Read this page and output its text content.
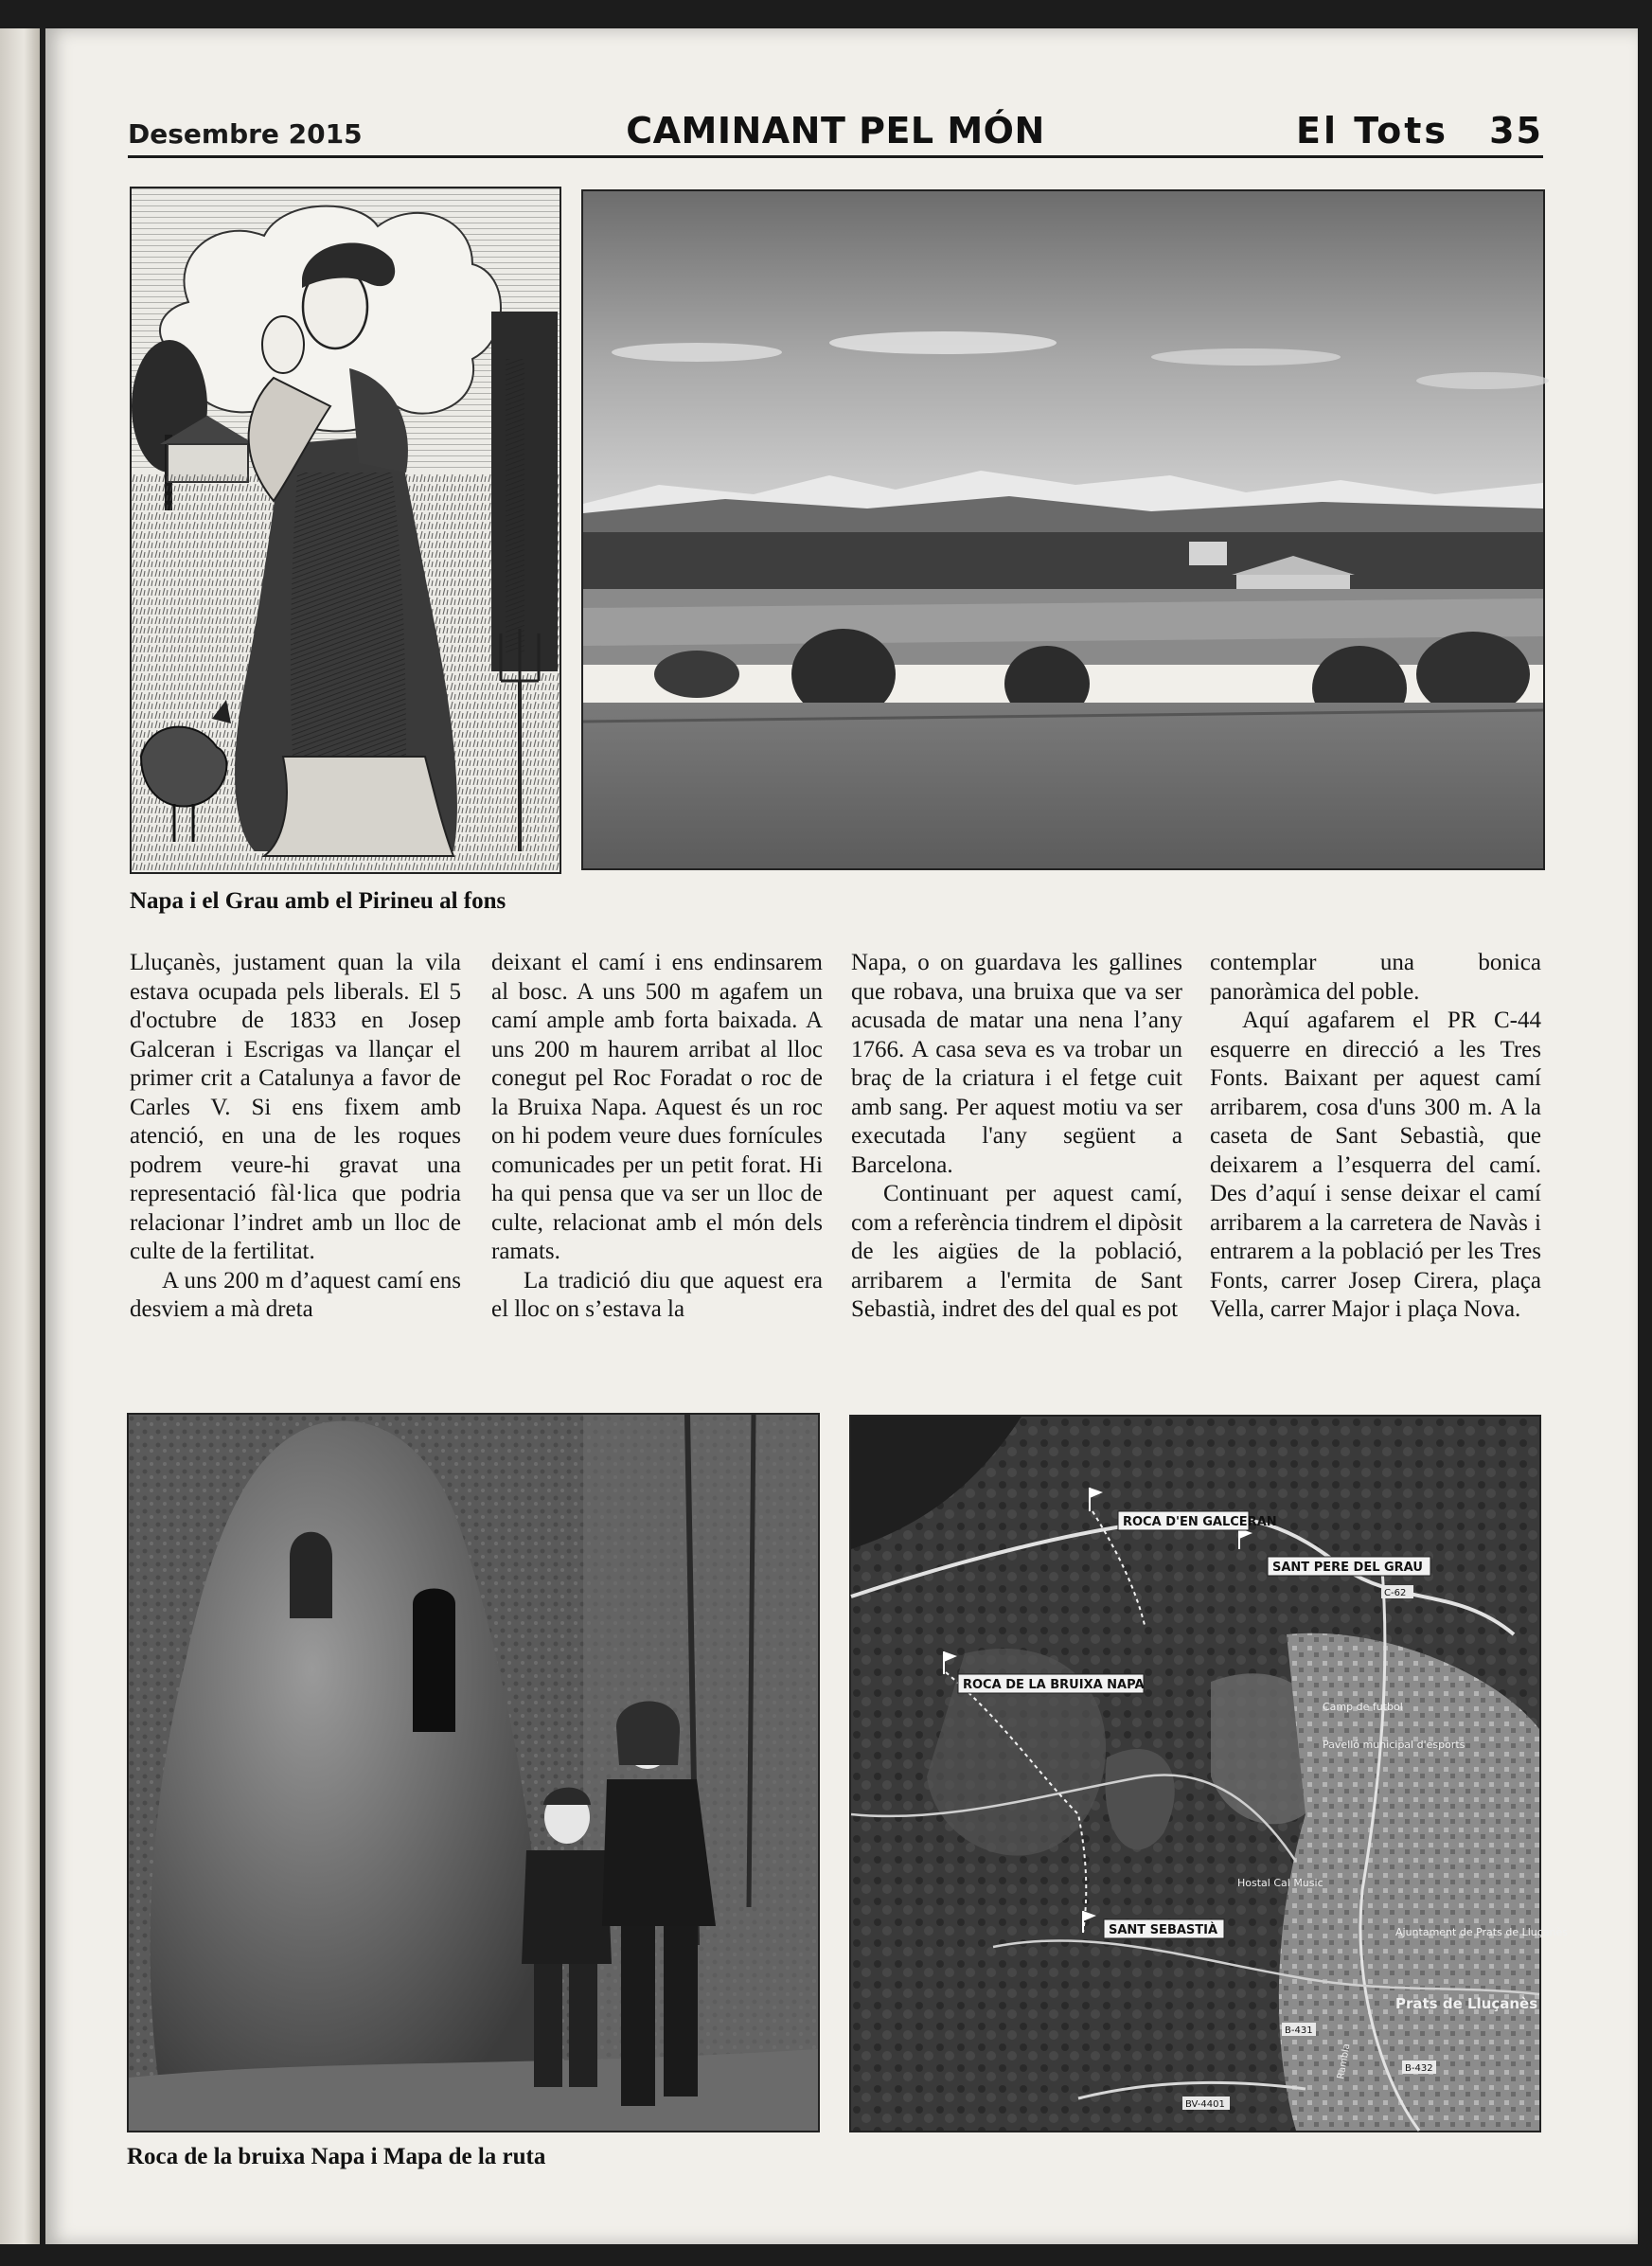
Desembre 2015	CAMINANT PEL MÓN	El Tots 35
Napa i el Grau amb el Pirineu al fons

Lluçanès, justament quan la vila estava ocupada pels liberals. El 5 d'octubre de 1833 en Josep Galceran i Escrigas va llançar el primer crit a Catalunya a favor de Carles V. Si ens fixem amb atenció, en una de les roques podrem veure-hi gravat una representació fàl·lica que podria relacionar l’indret amb un lloc de culte de la fertilitat.

A uns 200 m d’aquest camí ens desviem a mà dreta

deixant el camí i ens endinsarem al bosc. A uns 500 m agafem un camí ample amb forta baixada. A uns 200 m haurem arribat al lloc conegut pel Roc Foradat o roc de la Bruixa Napa. Aquest és un roc on hi podem veure dues fornícules comunicades per un petit forat. Hi ha qui pensa que va ser un lloc de culte, relacionat amb el món dels ramats.

La tradició diu que aquest era el lloc on s’estava la

Napa, o on guardava les gallines que robava, una bruixa que va ser acusada de matar una nena l’any 1766. A casa seva es va trobar un braç de la criatura i el fetge cuit amb sang. Per aquest motiu va ser executada l'any següent a Barcelona.

Continuant per aquest camí, com a referència tindrem el dipòsit de les aigües de la població, arribarem a l'ermita de Sant Sebastià, indret des del qual es pot

contemplar una bonica panoràmica del poble.

Aquí agafarem el PR C-44 esquerre en direcció a les Tres Fonts. Baixant per aquest camí arribarem, cosa d'uns 300 m. A la caseta de Sant Sebastià, que deixarem a l’esquerra del camí. Des d’aquí i sense deixar el camí arribarem a la carretera de Navàs i entrarem a la població per les Tres Fonts, carrer Josep Cirera, plaça Vella, carrer Major i plaça Nova.

ROCA D'EN GALCERAN
SANT PERE DEL GRAU
ROCA DE LA BRUIXA NAPA
SANT SEBASTIÀ
Camp de futbol
Pavelló municipal d'esports
Hostal Cal Music
Ajuntament de Prats de Lluçanès
Prats de Lluçanès
C-62
B-431
B-432
BV-4401
Rambla
Roca de la bruixa Napa i Mapa de la ruta
